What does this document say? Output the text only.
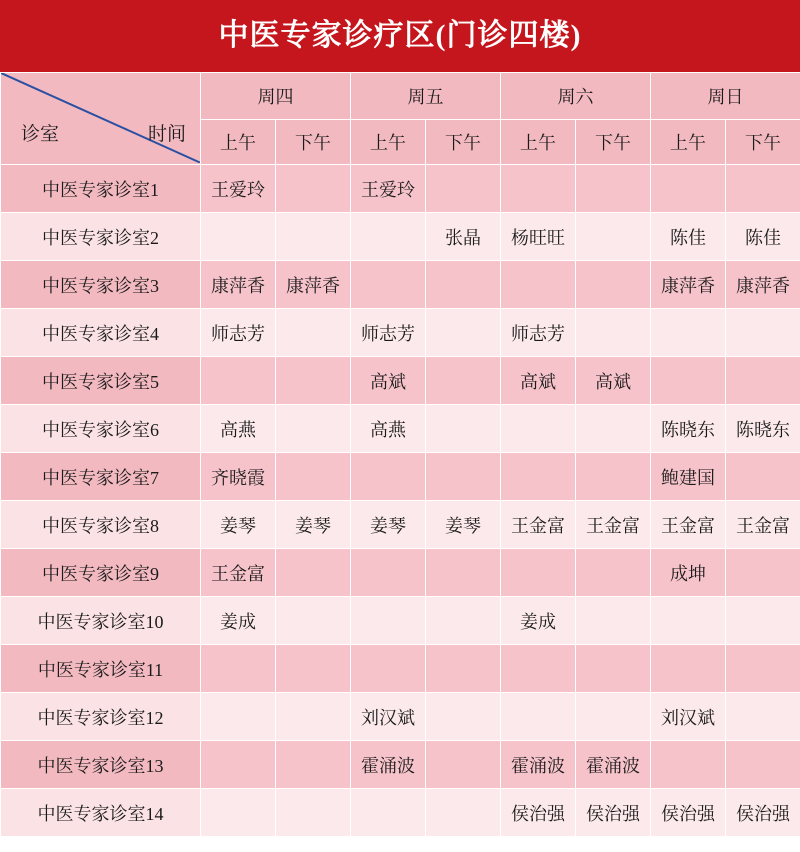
中医专家诊疗区(门诊四楼)
诊室 时间	周四		周五		周六		周日	
	上午	下午	上午	下午	上午	下午	上午	下午
中医专家诊室1	王爱玲		王爱玲					
中医专家诊室2				张晶	杨旺旺		陈佳	陈佳
中医专家诊室3	康萍香	康萍香					康萍香	康萍香
中医专家诊室4	师志芳		师志芳		师志芳			
中医专家诊室5			高斌		高斌	高斌		
中医专家诊室6	高燕		高燕				陈晓东	陈晓东
中医专家诊室7	齐晓霞						鲍建国	
中医专家诊室8	姜琴	姜琴	姜琴	姜琴	王金富	王金富	王金富	王金富
中医专家诊室9	王金富						成坤	
中医专家诊室10	姜成				姜成			
中医专家诊室11								
中医专家诊室12			刘汉斌				刘汉斌	
中医专家诊室13			霍涌波		霍涌波	霍涌波		
中医专家诊室14					侯治强	侯治强	侯治强	侯治强
